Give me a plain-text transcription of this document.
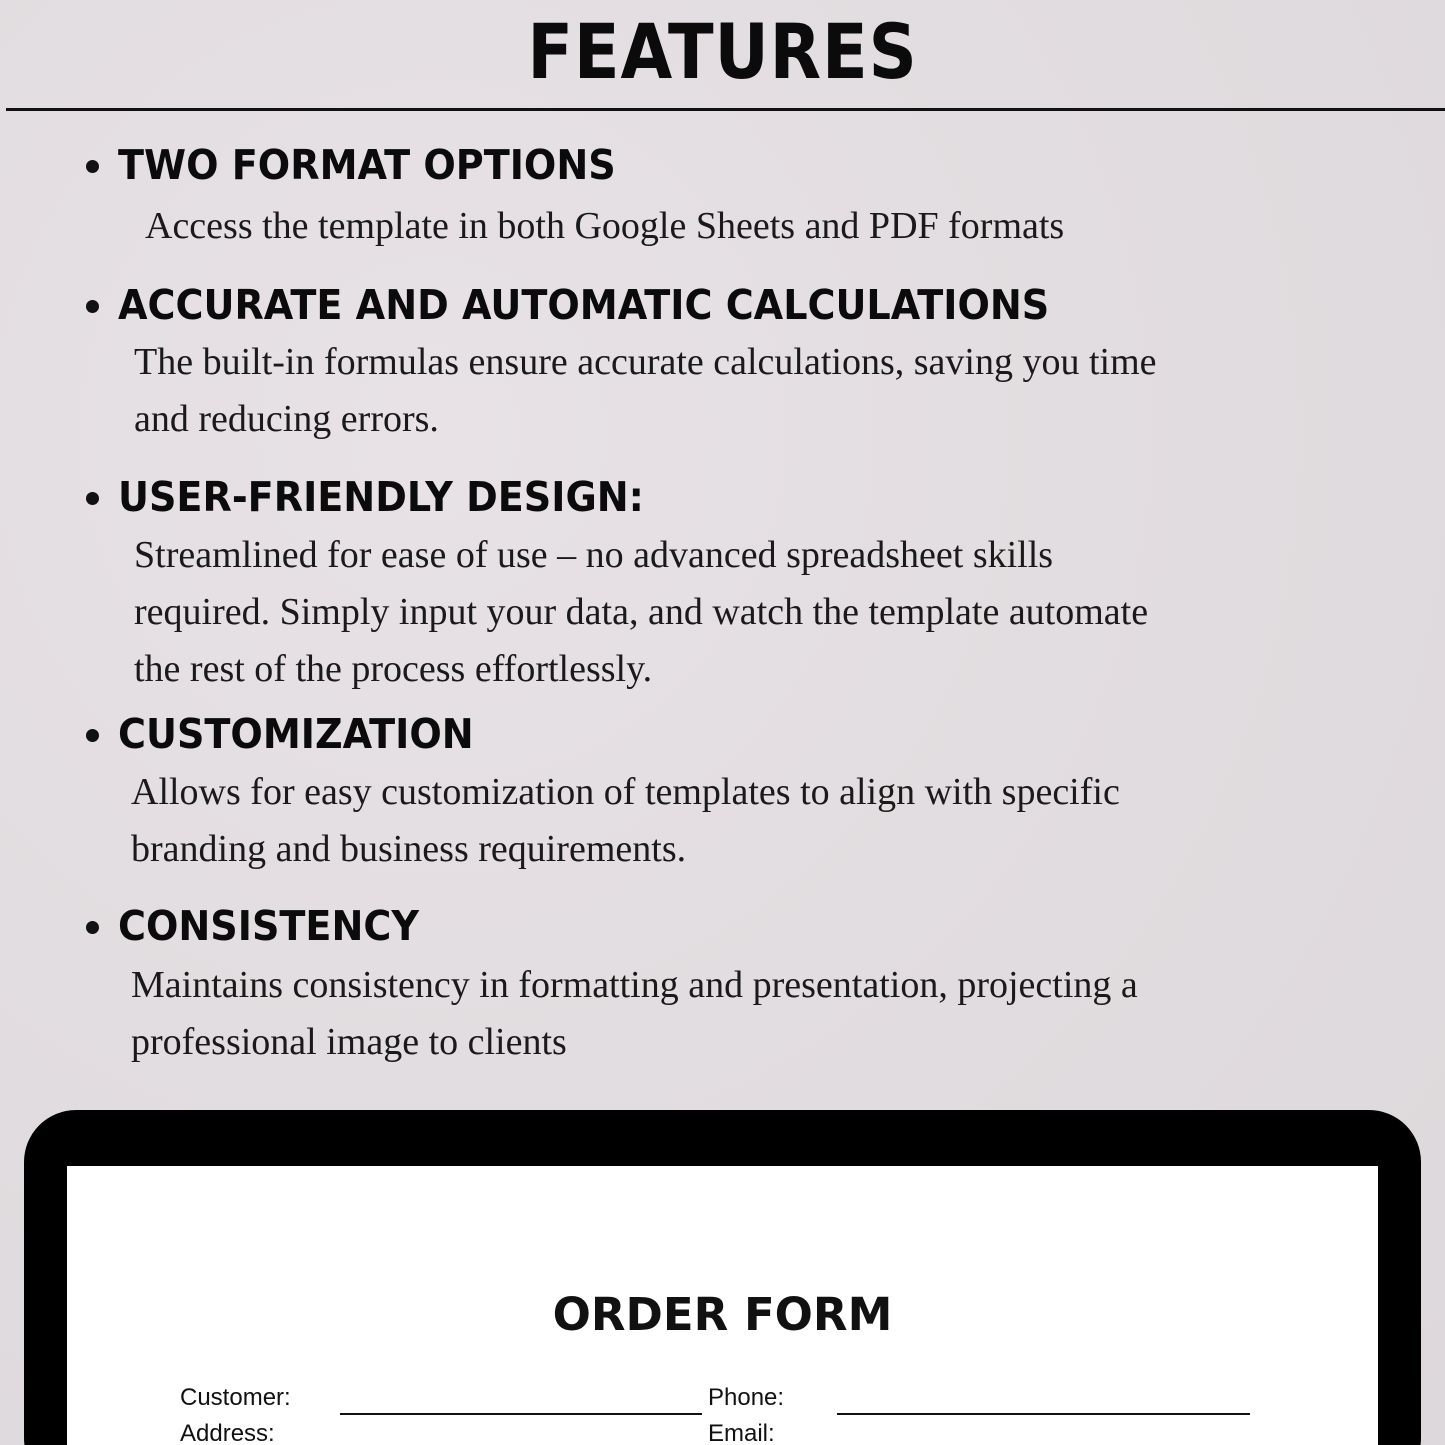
FEATURES
TWO FORMAT OPTIONS
Access the template in both Google Sheets and PDF formats
ACCURATE AND AUTOMATIC CALCULATIONS
The built-in formulas ensure accurate calculations, saving you time
and reducing errors.
USER-FRIENDLY DESIGN:
Streamlined for ease of use – no advanced spreadsheet skills
required. Simply input your data, and watch the template automate
the rest of the process effortlessly.
CUSTOMIZATION
Allows for easy customization of templates to align with specific
branding and business requirements.
CONSISTENCY
Maintains consistency in formatting and presentation, projecting a
professional image to clients
ORDER FORM
Customer:
Address:
Phone:
Email:
